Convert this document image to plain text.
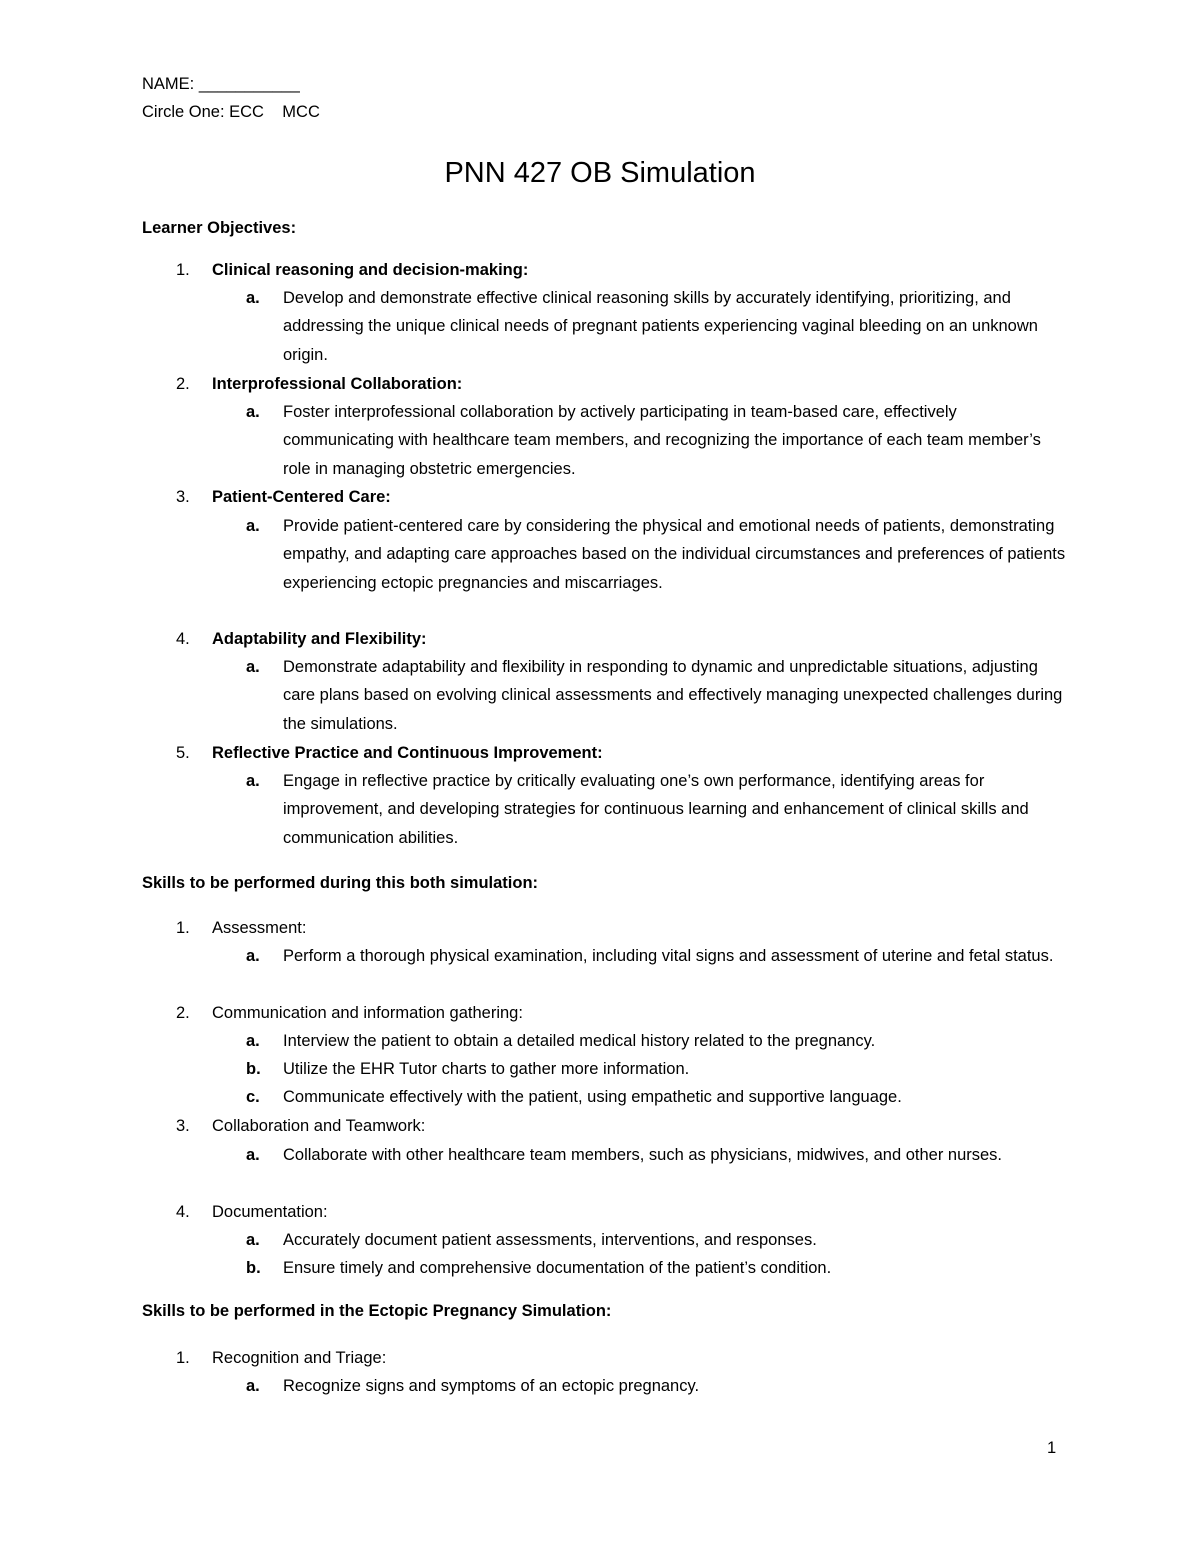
NAME: ___________
Circle One: ECC    MCC
PNN 427 OB Simulation
Learner Objectives:
1. Clinical reasoning and decision-making:
a. Develop and demonstrate effective clinical reasoning skills by accurately identifying, prioritizing, and addressing the unique clinical needs of pregnant patients experiencing vaginal bleeding on an unknown origin.
2. Interprofessional Collaboration:
a. Foster interprofessional collaboration by actively participating in team-based care, effectively communicating with healthcare team members, and recognizing the importance of each team member’s role in managing obstetric emergencies.
3. Patient-Centered Care:
a. Provide patient-centered care by considering the physical and emotional needs of patients, demonstrating empathy, and adapting care approaches based on the individual circumstances and preferences of patients experiencing ectopic pregnancies and miscarriages.
4. Adaptability and Flexibility:
a. Demonstrate adaptability and flexibility in responding to dynamic and unpredictable situations, adjusting care plans based on evolving clinical assessments and effectively managing unexpected challenges during the simulations.
5. Reflective Practice and Continuous Improvement:
a. Engage in reflective practice by critically evaluating one’s own performance, identifying areas for improvement, and developing strategies for continuous learning and enhancement of clinical skills and communication abilities.
Skills to be performed during this both simulation:
1. Assessment:
a. Perform a thorough physical examination, including vital signs and assessment of uterine and fetal status.
2. Communication and information gathering:
a. Interview the patient to obtain a detailed medical history related to the pregnancy.
b. Utilize the EHR Tutor charts to gather more information.
c. Communicate effectively with the patient, using empathetic and supportive language.
3. Collaboration and Teamwork:
a. Collaborate with other healthcare team members, such as physicians, midwives, and other nurses.
4. Documentation:
a. Accurately document patient assessments, interventions, and responses.
b. Ensure timely and comprehensive documentation of the patient’s condition.
Skills to be performed in the Ectopic Pregnancy Simulation:
1. Recognition and Triage:
a. Recognize signs and symptoms of an ectopic pregnancy.
1
